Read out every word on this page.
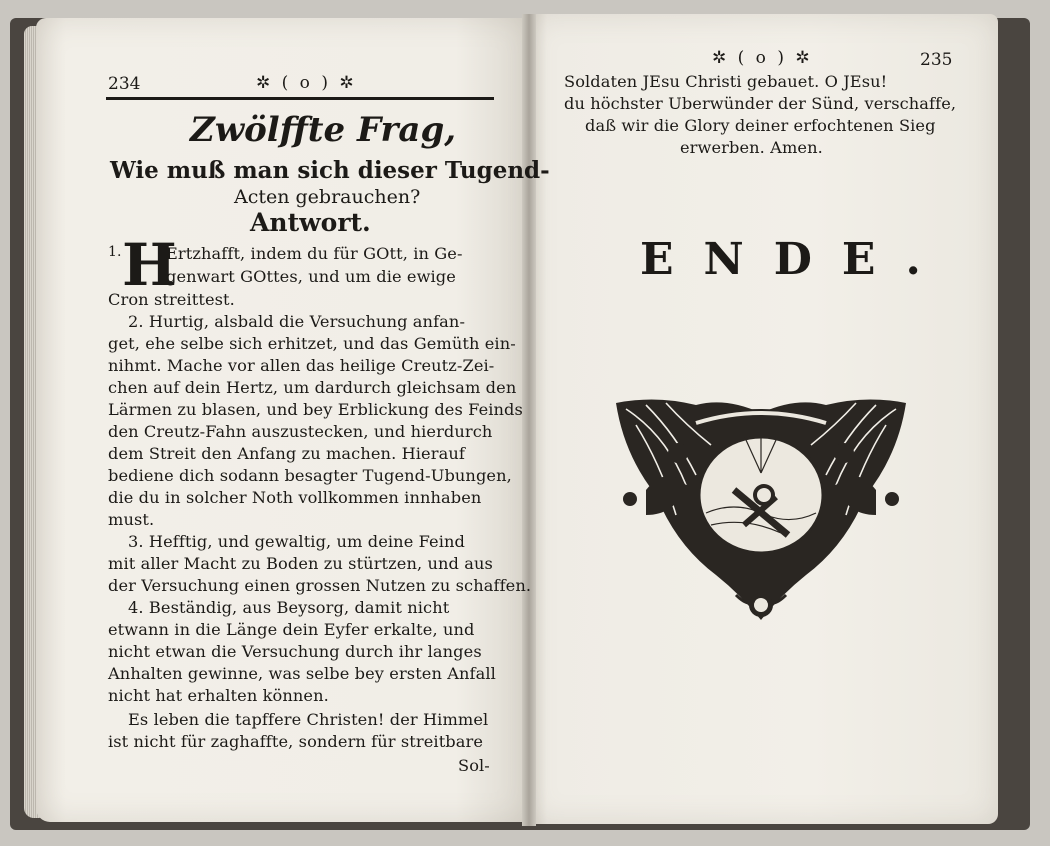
234	✲ ( o ) ✲
Zwölffte Frag,
Wie muß man sich dieser Tugend-
Acten gebrauchen?
Antwort.
1. H
Ertzhafft, indem du für GOtt, in Ge-
genwart GOttes, und um die ewige
Cron streittest.
2. Hurtig, alsbald die Versuchung anfan-
get, ehe selbe sich erhitzet, und das Gemüth ein-
nihmt. Mache vor allen das heilige Creutz-Zei-
chen auf dein Hertz, um dardurch gleichsam den
Lärmen zu blasen, und bey Erblickung des Feinds
den Creutz-Fahn auszustecken, und hierdurch
dem Streit den Anfang zu machen. Hierauf
bediene dich sodann besagter Tugend-Ubungen,
die du in solcher Noth vollkommen innhaben
must.
3. Hefftig, und gewaltig, um deine Feind
mit aller Macht zu Boden zu stürtzen, und aus
der Versuchung einen grossen Nutzen zu schaffen.
4. Beständig, aus Beysorg, damit nicht
etwann in die Länge dein Eyfer erkalte, und
nicht etwan die Versuchung durch ihr langes
Anhalten gewinne, was selbe bey ersten Anfall
nicht hat erhalten können.
Es leben die tapffere Christen! der Himmel
ist nicht für zaghaffte, sondern für streitbare
Sol-
✲ ( o ) ✲	235
Soldaten JEsu Christi gebauet. O JEsu!
du höchster Uberwünder der Sünd, verschaffe,
daß wir die Glory deiner erfochtenen Sieg
erwerben. Amen.
ENDE.
